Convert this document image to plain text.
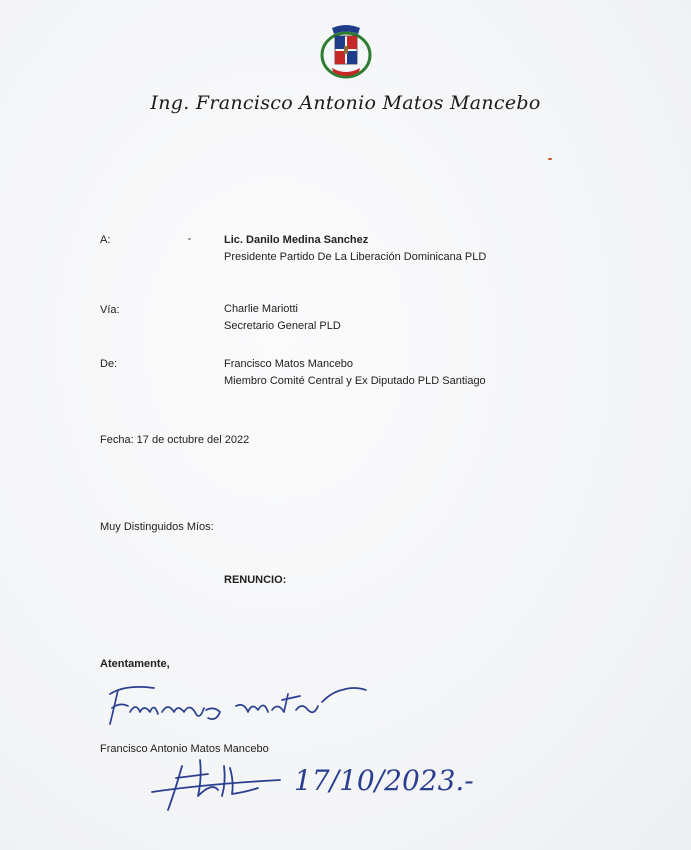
Ing. Francisco Antonio Matos Mancebo
A:	Lic. Danilo Medina Sanchez
Presidente Partido De La Liberación Dominicana PLD
Vía:	Charlie Mariotti
Secretario General PLD
De:	Francisco Matos Mancebo
Miembro Comité Central y Ex Diputado PLD Santiago
Fecha: 17 de octubre del 2022
Muy Distinguidos Míos:
RENUNCIO:
Atentamente,
Francisco Antonio Matos Mancebo
17/10/2023.-
